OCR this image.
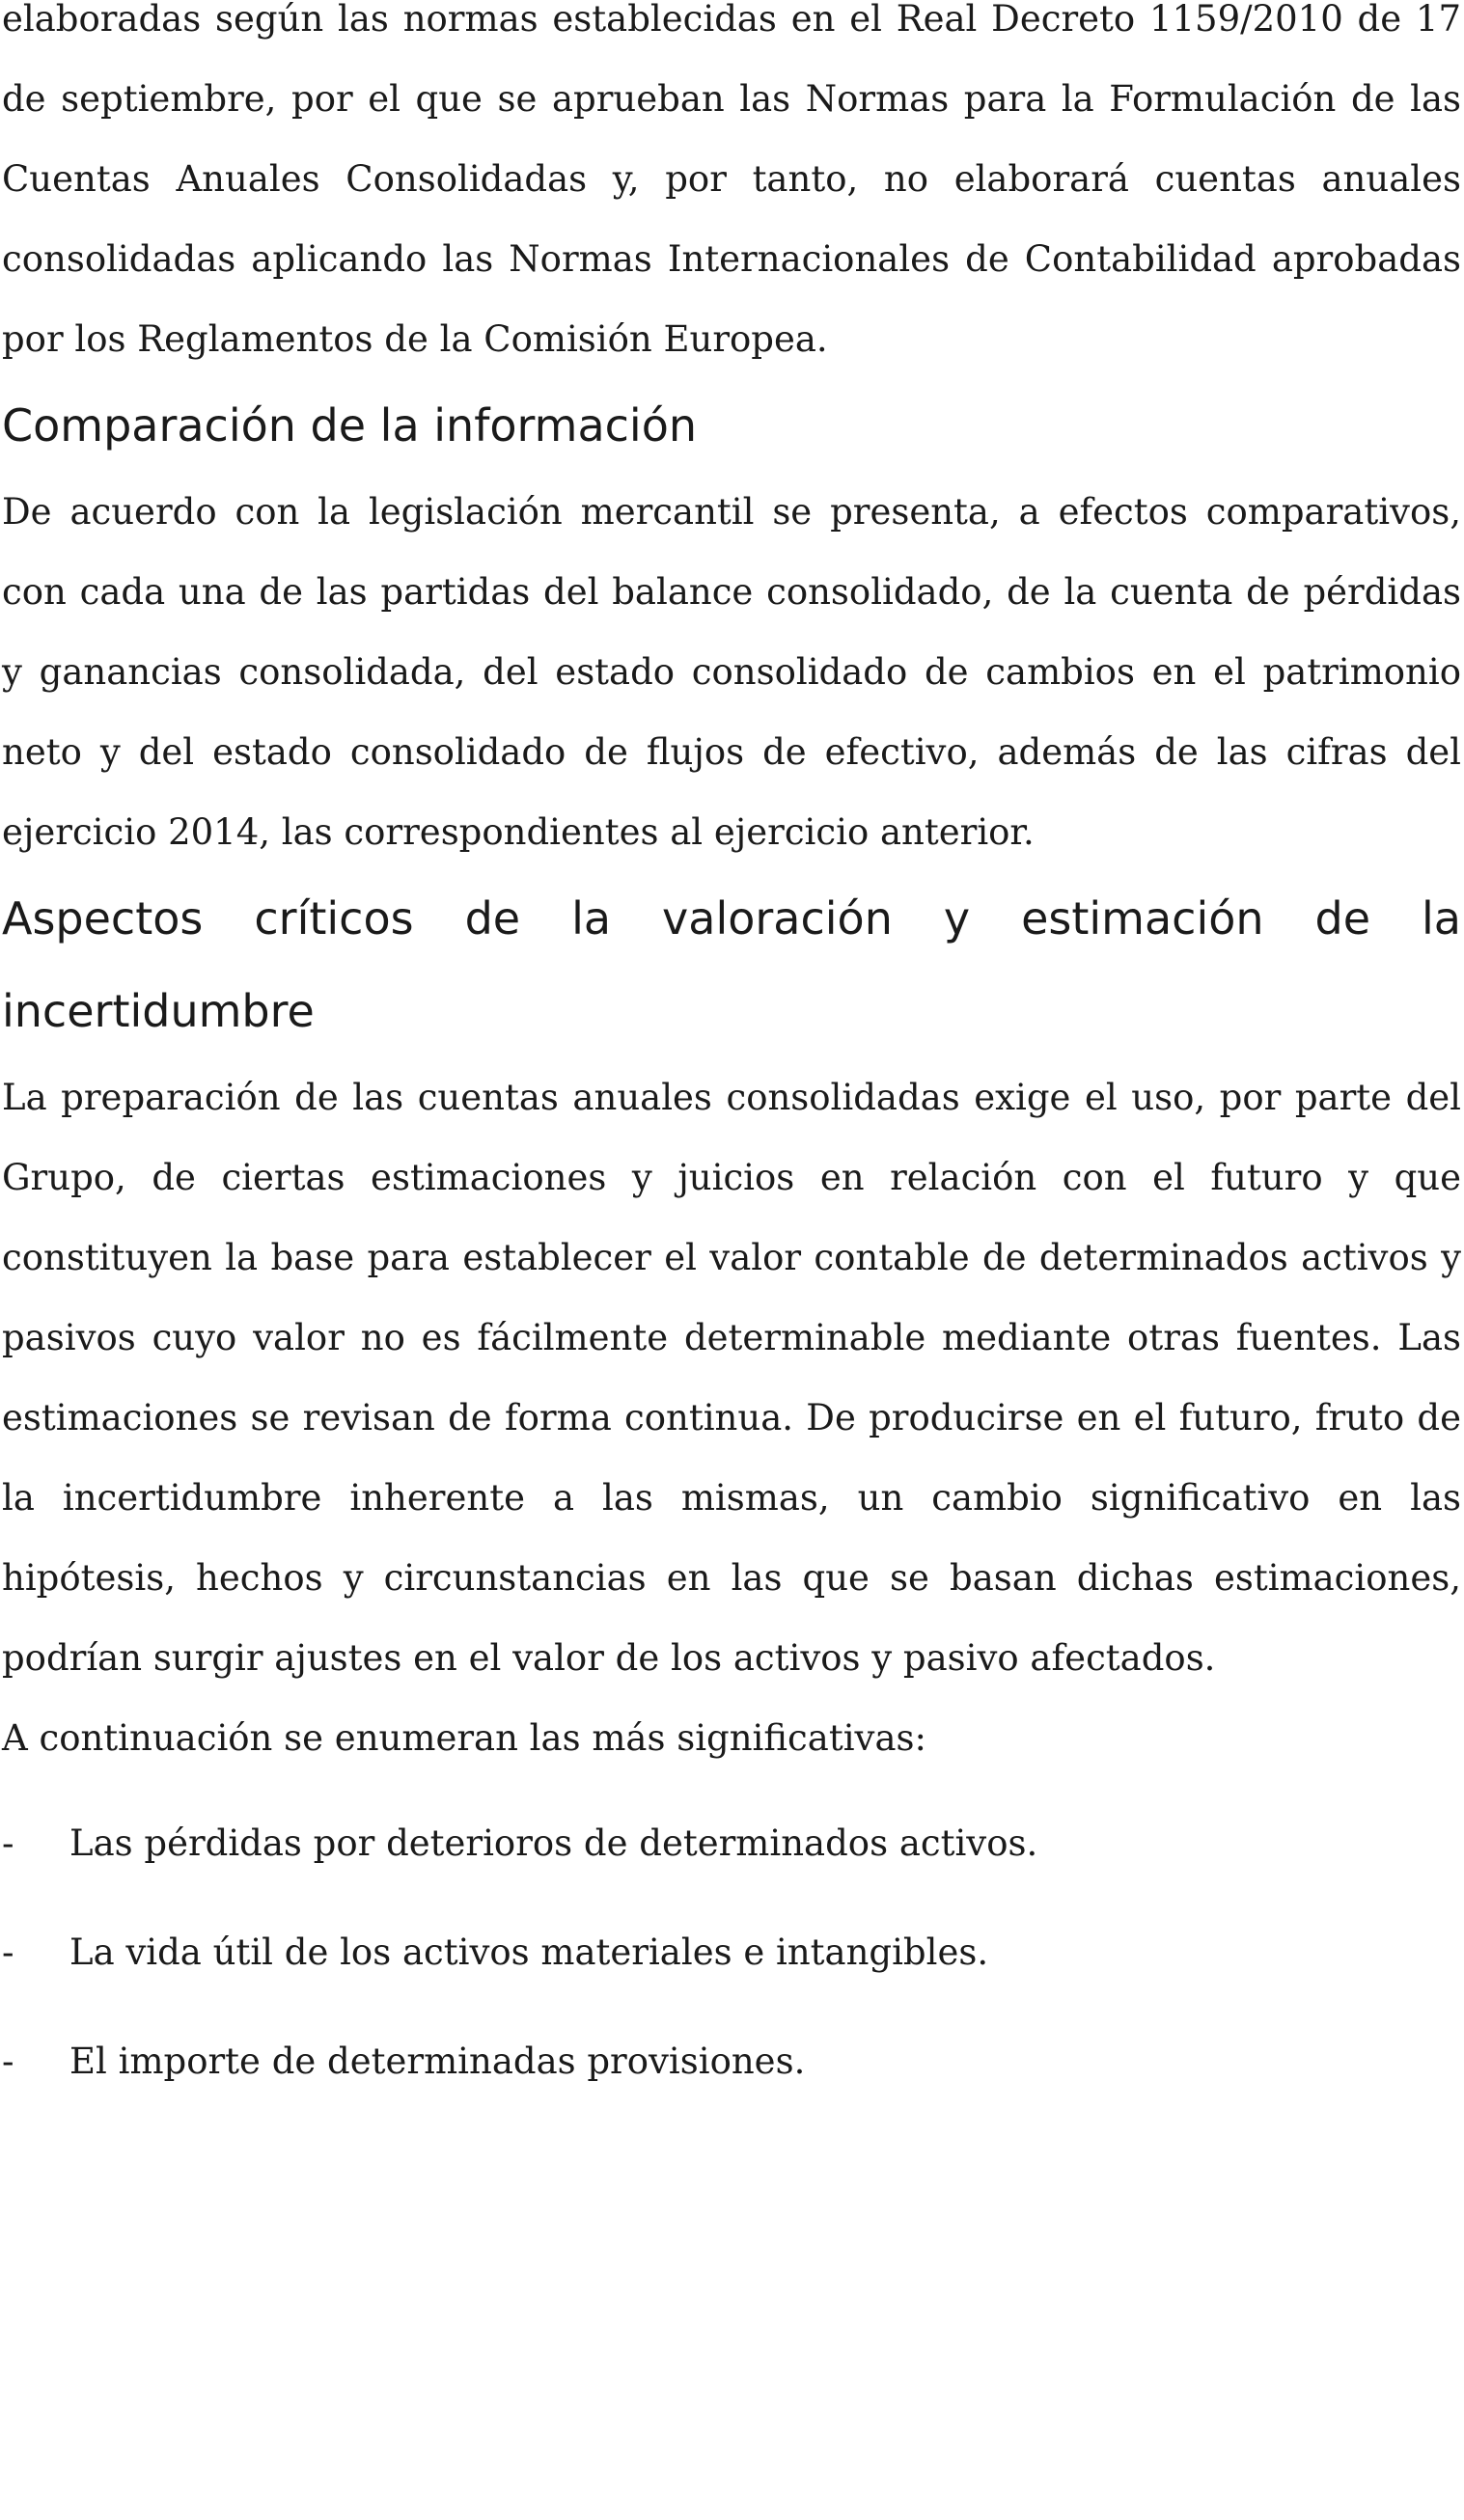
elaboradas según las normas establecidas en el Real Decreto 1159/2010 de 17 de septiembre, por el que se aprueban las Normas para la Formulación de las Cuentas Anuales Consolidadas y, por tanto, no elaborará cuentas anuales consolidadas aplicando las Normas Internacionales de Contabilidad aprobadas por los Reglamentos de la Comisión Europea.

Comparación de la información

De acuerdo con la legislación mercantil se presenta, a efectos comparativos, con cada una de las partidas del balance consolidado, de la cuenta de pérdidas y ganancias consolidada, del estado consolidado de cambios en el patrimonio neto y del estado consolidado de flujos de efectivo, además de las cifras del ejercicio 2014, las correspondientes al ejercicio anterior.

Aspectos críticos de la valoración y estimación de la incertidumbre

La preparación de las cuentas anuales consolidadas exige el uso, por parte del Grupo, de ciertas estimaciones y juicios en relación con el futuro y que constituyen la base para establecer el valor contable de determinados activos y pasivos cuyo valor no es fácilmente determinable mediante otras fuentes. Las estimaciones se revisan de forma continua. De producirse en el futuro, fruto de la incertidumbre inherente a las mismas, un cambio significativo en las hipótesis, hechos y circunstancias en las que se basan dichas estimaciones, podrían surgir ajustes en el valor de los activos y pasivo afectados.

A continuación se enumeran las más significativas:

-	Las pérdidas por deterioros de determinados activos.
-	La vida útil de los activos materiales e intangibles.
-	El importe de determinadas provisiones.
